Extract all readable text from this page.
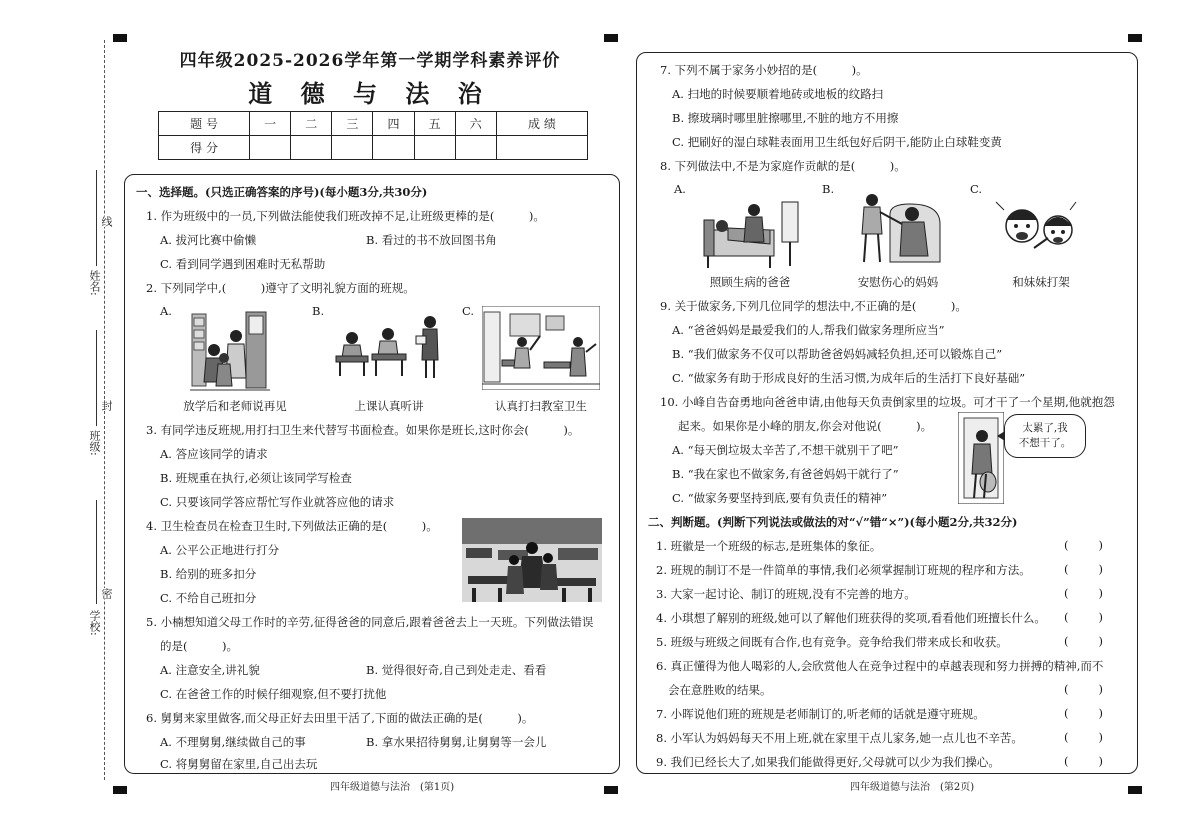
线
封
密
姓名:
班级:
学校:
四年级2025-2026学年第一学期学科素养评价
道 德 与 法 治
题 号	一	二	三	四	五	六	成 绩
得 分							
一、选择题。(只选正确答案的序号)(每小题3分,共30分)
1. 作为班级中的一员,下列做法能使我们班改掉不足,让班级更棒的是(　　　)。
A. 拔河比赛中偷懒	B. 看过的书不放回图书角
C. 看到同学遇到困难时无私帮助
2. 下列同学中,(　　　)遵守了文明礼貌方面的班规。
A.	B.	C.
放学后和老师说再见	上课认真听讲	认真打扫教室卫生
3. 有同学违反班规,用打扫卫生来代替写书面检查。如果你是班长,这时你会(　　　)。
A. 答应该同学的请求
B. 班规重在执行,必须让该同学写检查
C. 只要该同学答应帮忙写作业就答应他的请求
4. 卫生检查员在检查卫生时,下列做法正确的是(　　　)。
A. 公平公正地进行打分
B. 给别的班多扣分
C. 不给自己班扣分
5. 小楠想知道父母工作时的辛劳,征得爸爸的同意后,跟着爸爸去上一天班。下列做法错误
的是(　　　)。
A. 注意安全,讲礼貌	B. 觉得很好奇,自己到处走走、看看
C. 在爸爸工作的时候仔细观察,但不要打扰他
6. 舅舅来家里做客,而父母正好去田里干活了,下面的做法正确的是(　　　)。
A. 不理舅舅,继续做自己的事	B. 拿水果招待舅舅,让舅舅等一会儿
C. 将舅舅留在家里,自己出去玩
四年级道德与法治　(第1页)
7. 下列不属于家务小妙招的是(　　　)。
A. 扫地的时候要顺着地砖或地板的纹路扫
B. 擦玻璃时哪里脏擦哪里,不脏的地方不用擦
C. 把刷好的湿白球鞋表面用卫生纸包好后阴干,能防止白球鞋变黄
8. 下列做法中,不是为家庭作贡献的是(　　　)。
A.	B.	C.
照顾生病的爸爸	安慰伤心的妈妈	和妹妹打架
9. 关于做家务,下列几位同学的想法中,不正确的是(　　　)。
A. “爸爸妈妈是最爱我们的人,帮我们做家务理所应当”
B. “我们做家务不仅可以帮助爸爸妈妈减轻负担,还可以锻炼自己”
C. “做家务有助于形成良好的生活习惯,为成年后的生活打下良好基础”
10. 小峰自告奋勇地向爸爸申请,由他每天负责倒家里的垃圾。可才干了一个星期,他就抱怨
起来。如果你是小峰的朋友,你会对他说(　　　)。
A. “每天倒垃圾太辛苦了,不想干就别干了吧”
B. “我在家也不做家务,有爸爸妈妈干就行了”
C. “做家务要坚持到底,要有负责任的精神”
太累了,我
不想干了。
二、判断题。(判断下列说法或做法的对“√”错“×”)(每小题2分,共32分)
1. 班徽是一个班级的标志,是班集体的象征。	()
2. 班规的制订不是一件简单的事情,我们必须掌握制订班规的程序和方法。	()
3. 大家一起讨论、制订的班规,没有不完善的地方。	()
4. 小琪想了解别的班级,她可以了解他们班获得的奖项,看看他们班擅长什么。 ()
5. 班级与班级之间既有合作,也有竞争。竞争给我们带来成长和收获。	()
6. 真正懂得为他人喝彩的人,会欣赏他人在竞争过程中的卓越表现和努力拼搏的精神,而不
会在意胜败的结果。	()
7. 小晖说他们班的班规是老师制订的,听老师的话就是遵守班规。	()
8. 小军认为妈妈每天不用上班,就在家里干点儿家务,她一点儿也不辛苦。	()
9. 我们已经长大了,如果我们能做得更好,父母就可以少为我们操心。	()
四年级道德与法治　(第2页)
